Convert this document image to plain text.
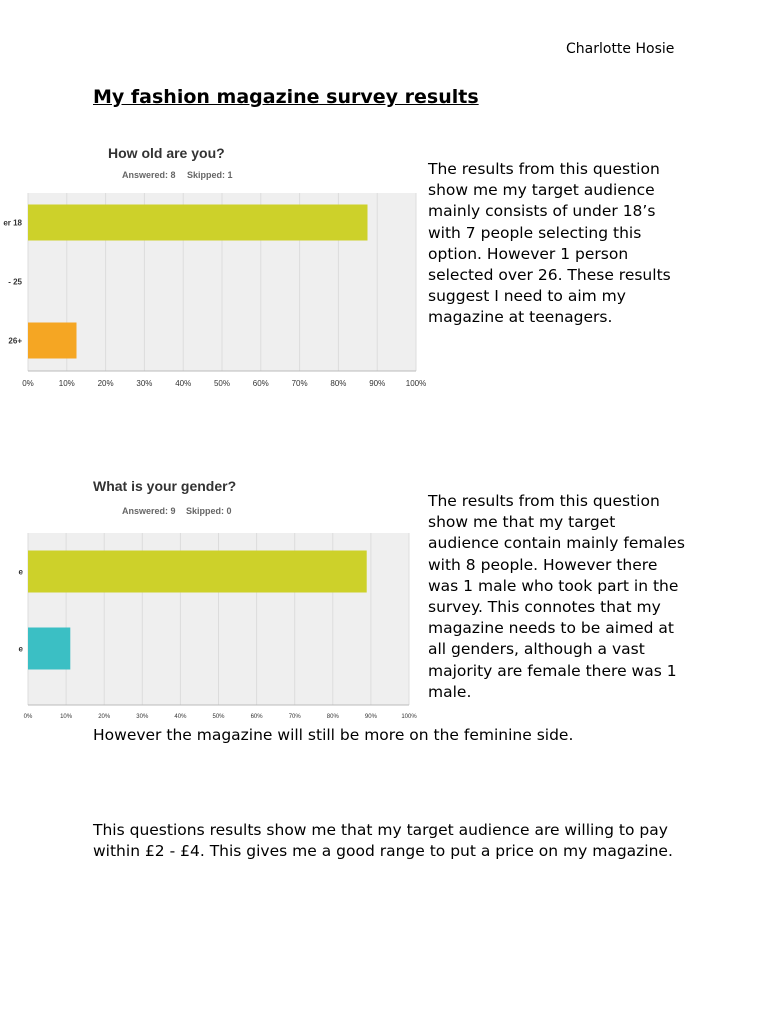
Charlotte Hosie
My fashion magazine survey results
How old are you?
Answered: 8 Skipped: 1
er 18
- 25
26+
0%	10%	20%	30%	40%	50%	60%	70%	80%	90%	100%
The results from this question show me my target audience mainly consists of under 18’s with 7 people selecting this option. However 1 person selected over 26. These results suggest I need to aim my magazine at teenagers.
What is your gender?
Answered: 9 Skipped: 0
e
e
0%	10%	20%	30%	40%	50%	60%	70%	80%	90%	100%
The results from this question show me that my target audience contain mainly females with 8 people. However there was 1 male who took part in the survey. This connotes that my magazine needs to be aimed at all genders, although a vast majority are female there was 1 male.
However the magazine will still be more on the feminine side.
This questions results show me that my target audience are willing to pay within £2 - £4. This gives me a good range to put a price on my magazine.
